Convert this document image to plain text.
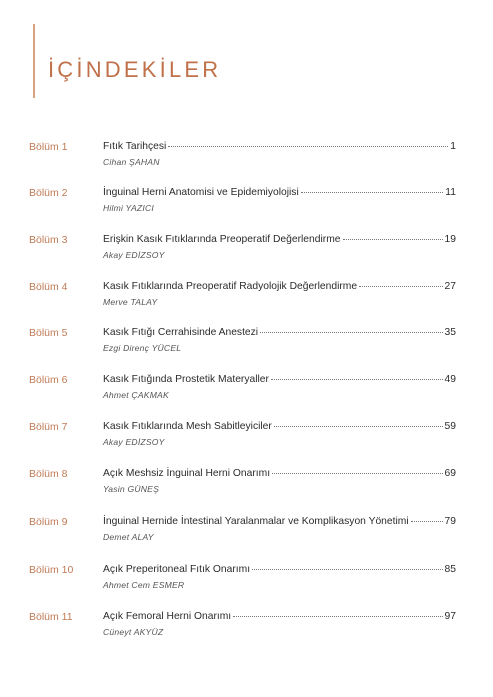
İÇİNDEKİLER
Bölüm 1	Fıtık Tarihçesi	1
Cihan ŞAHAN
Bölüm 2	İnguinal Herni Anatomisi ve Epidemiyolojisi	11
Hilmi YAZICI
Bölüm 3	Erişkin Kasık Fıtıklarında Preoperatif Değerlendirme	19
Akay EDİZSOY
Bölüm 4	Kasık Fıtıklarında Preoperatif Radyolojik Değerlendirme	27
Merve TALAY
Bölüm 5	Kasık Fıtığı Cerrahisinde Anestezi	35
Ezgi Direnç YÜCEL
Bölüm 6	Kasık Fıtığında Prostetik Materyaller	49
Ahmet ÇAKMAK
Bölüm 7	Kasık Fıtıklarında Mesh Sabitleyiciler	59
Akay EDİZSOY
Bölüm 8	Açık Meshsiz İnguinal Herni Onarımı	69
Yasin GÜNEŞ
Bölüm 9	İnguinal Hernide İntestinal Yaralanmalar ve Komplikasyon Yönetimi	79
Demet ALAY
Bölüm 10	Açık Preperitoneal Fıtık Onarımı	85
Ahmet Cem ESMER
Bölüm 11	Açık Femoral Herni Onarımı	97
Cüneyt AKYÜZ
